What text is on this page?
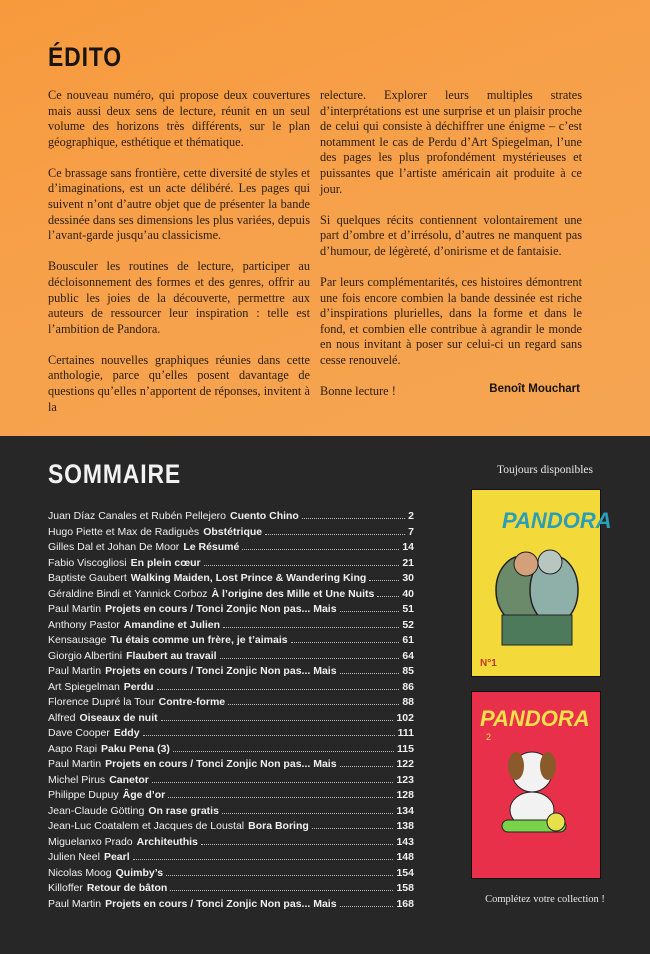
ÉDITO

Ce nouveau numéro, qui propose deux couvertures mais aussi deux sens de lecture, réunit en un seul volume des horizons très différents, sur le plan géographique, esthétique et thématique.

Ce brassage sans frontière, cette diversité de styles et d’imaginations, est un acte délibéré. Les pages qui suivent n’ont d’autre objet que de présenter la bande dessinée dans ses dimensions les plus variées, depuis l’avant-garde jusqu’au classicisme.

Bousculer les routines de lecture, participer au décloisonnement des formes et des genres, offrir au public les joies de la découverte, permettre aux auteurs de ressourcer leur inspiration : telle est l’ambition de Pandora.

Certaines nouvelles graphiques réunies dans cette anthologie, parce qu’elles posent davantage de questions qu’elles n’apportent de réponses, invitent à la

relecture. Explorer leurs multiples strates d’interprétations est une surprise et un plaisir proche de celui qui consiste à déchiffrer une énigme – c’est notamment le cas de Perdu d’Art Spiegelman, l’une des pages les plus profondément mystérieuses et puissantes que l’artiste américain ait produite à ce jour.

Si quelques récits contiennent volontairement une part d’ombre et d’irrésolu, d’autres ne manquent pas d’humour, de légèreté, d’onirisme et de fantaisie.

Par leurs complémentarités, ces histoires démontrent une fois encore combien la bande dessinée est riche d’inspirations plurielles, dans la forme et dans le fond, et combien elle contribue à agrandir le monde en nous invitant à poser sur celui-ci un regard sans cesse renouvelé.

Bonne lecture !	Benoît Mouchart
SOMMAIRE
Juan Díaz Canales et Rubén Pellejero Cuento Chino	2
Hugo Piette et Max de Radiguès Obstétrique	7
Gilles Dal et Johan De Moor Le Résumé	14
Fabio Viscogliosi En plein cœur	21
Baptiste Gaubert Walking Maiden, Lost Prince & Wandering King	30
Géraldine Bindi et Yannick Corboz À l’origine des Mille et Une Nuits	40
Paul Martin Projets en cours / Tonci Zonjic Non pas... Mais	51
Anthony Pastor Amandine et Julien	52
Kensausage Tu étais comme un frère, je t’aimais	61
Giorgio Albertini Flaubert au travail	64
Paul Martin Projets en cours / Tonci Zonjic Non pas... Mais	85
Art Spiegelman Perdu	86
Florence Dupré la Tour Contre-forme	88
Alfred Oiseaux de nuit	102
Dave Cooper Eddy	111
Aapo Rapi Paku Pena (3)	115
Paul Martin Projets en cours / Tonci Zonjic Non pas... Mais	122
Michel Pirus Canetor	123
Philippe Dupuy Âge d’or	128
Jean-Claude Götting On rase gratis	134
Jean-Luc Coatalem et Jacques de Loustal Bora Boring	138
Miguelanxo Prado Architeuthis	143
Julien Neel Pearl	148
Nicolas Moog Quimby’s	154
Killoffer Retour de bâton	158
Paul Martin Projets en cours / Tonci Zonjic Non pas... Mais	168
Toujours disponibles
PANDORA
N°1
PANDORA
2
Complétez votre collection !
